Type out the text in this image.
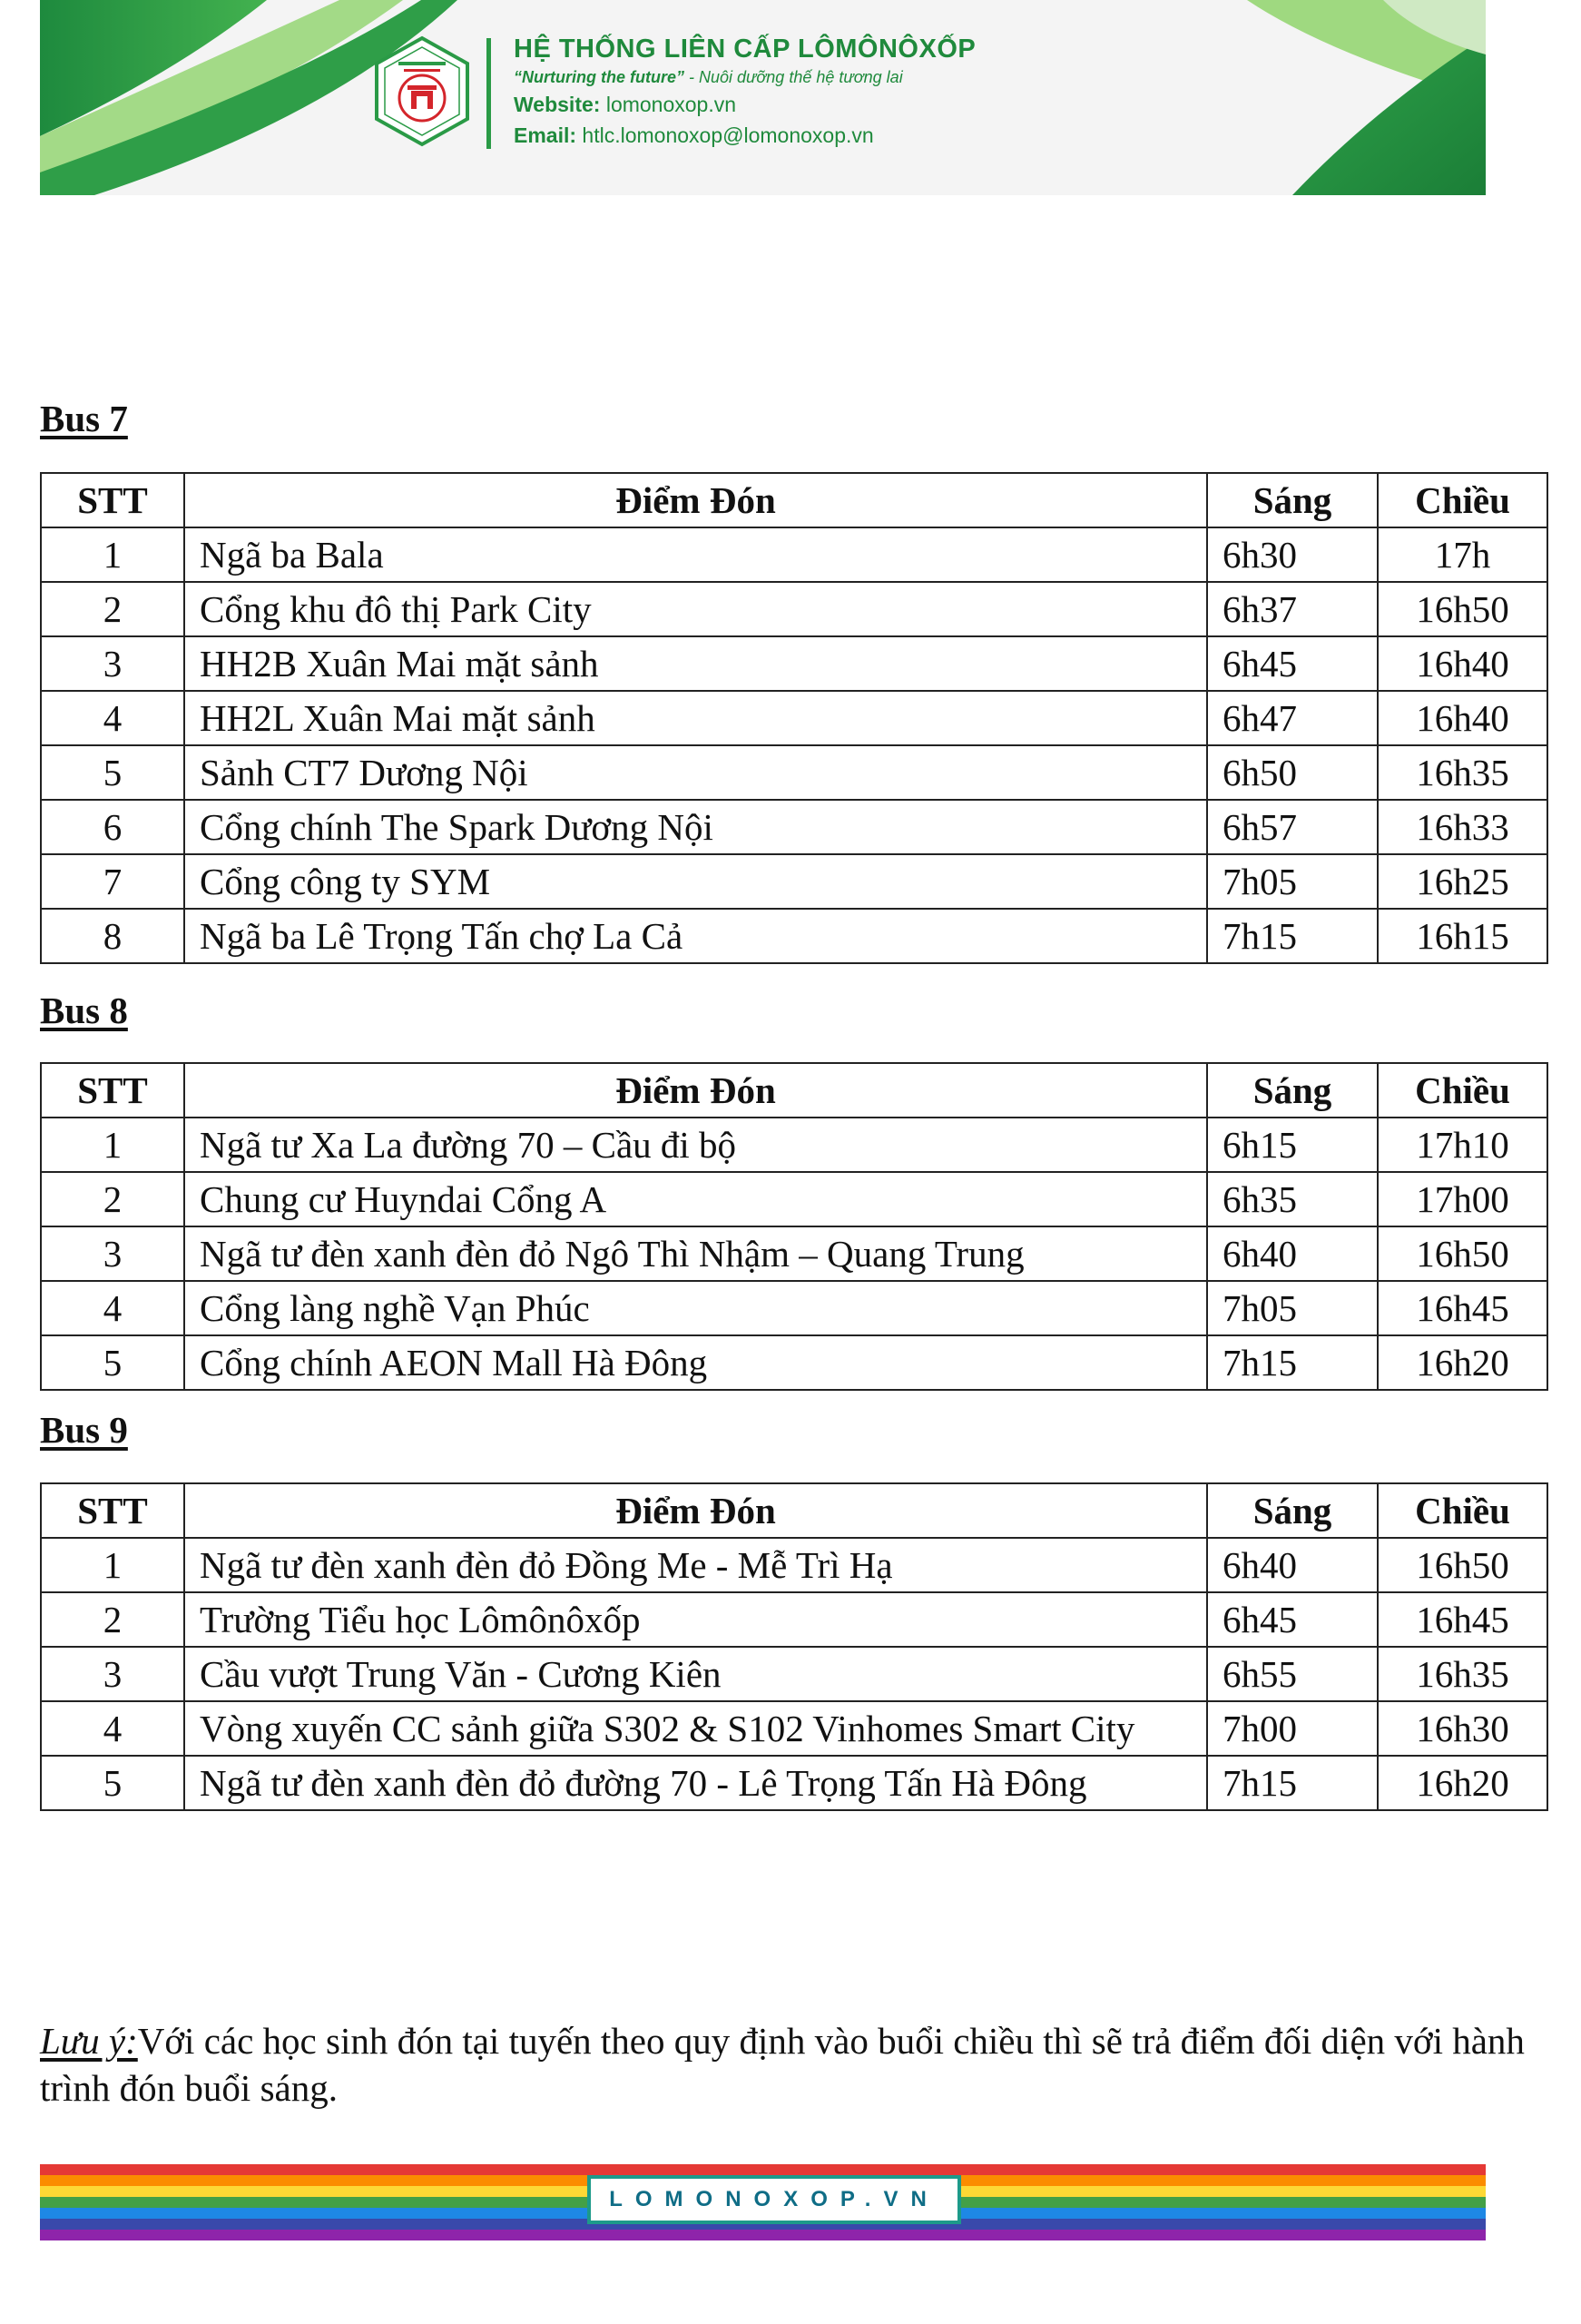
HỆ THỐNG LIÊN CẤP LÔMÔNÔXỐP
“Nurturing the future” - Nuôi dưỡng thế hệ tương lai
Website: lomonoxop.vn
Email: htlc.lomonoxop@lomonoxop.vn
Bus 7
STT	Điểm Đón	Sáng	Chiều
1	Ngã ba Bala	6h30	17h
2	Cổng khu đô thị Park City	6h37	16h50
3	HH2B Xuân Mai mặt sảnh	6h45	16h40
4	HH2L Xuân Mai mặt sảnh	6h47	16h40
5	Sảnh CT7 Dương Nội	6h50	16h35
6	Cổng chính The Spark Dương Nội	6h57	16h33
7	Cổng công ty SYM	7h05	16h25
8	Ngã ba Lê Trọng Tấn chợ La Cả	7h15	16h15
Bus 8
STT	Điểm Đón	Sáng	Chiều
1	Ngã tư Xa La đường 70 – Cầu đi bộ	6h15	17h10
2	Chung cư Huyndai Cổng A	6h35	17h00
3	Ngã tư đèn xanh đèn đỏ Ngô Thì Nhậm – Quang Trung	6h40	16h50
4	Cổng làng nghề Vạn Phúc	7h05	16h45
5	Cổng chính AEON Mall Hà Đông	7h15	16h20
Bus 9
STT	Điểm Đón	Sáng	Chiều
1	Ngã tư đèn xanh đèn đỏ Đồng Me - Mễ Trì Hạ	6h40	16h50
2	Trường Tiểu học Lômônôxốp	6h45	16h45
3	Cầu vượt Trung Văn - Cương Kiên	6h55	16h35
4	Vòng xuyến CC sảnh giữa S302 & S102 Vinhomes Smart City	7h00	16h30
5	Ngã tư đèn xanh đèn đỏ đường 70 - Lê Trọng Tấn Hà Đông	7h15	16h20
Lưu ý:Với các học sinh đón tại tuyến theo quy định vào buổi chiều thì sẽ trả điểm đối diện với hành trình đón buổi sáng.
LOMONOXOP.VN
